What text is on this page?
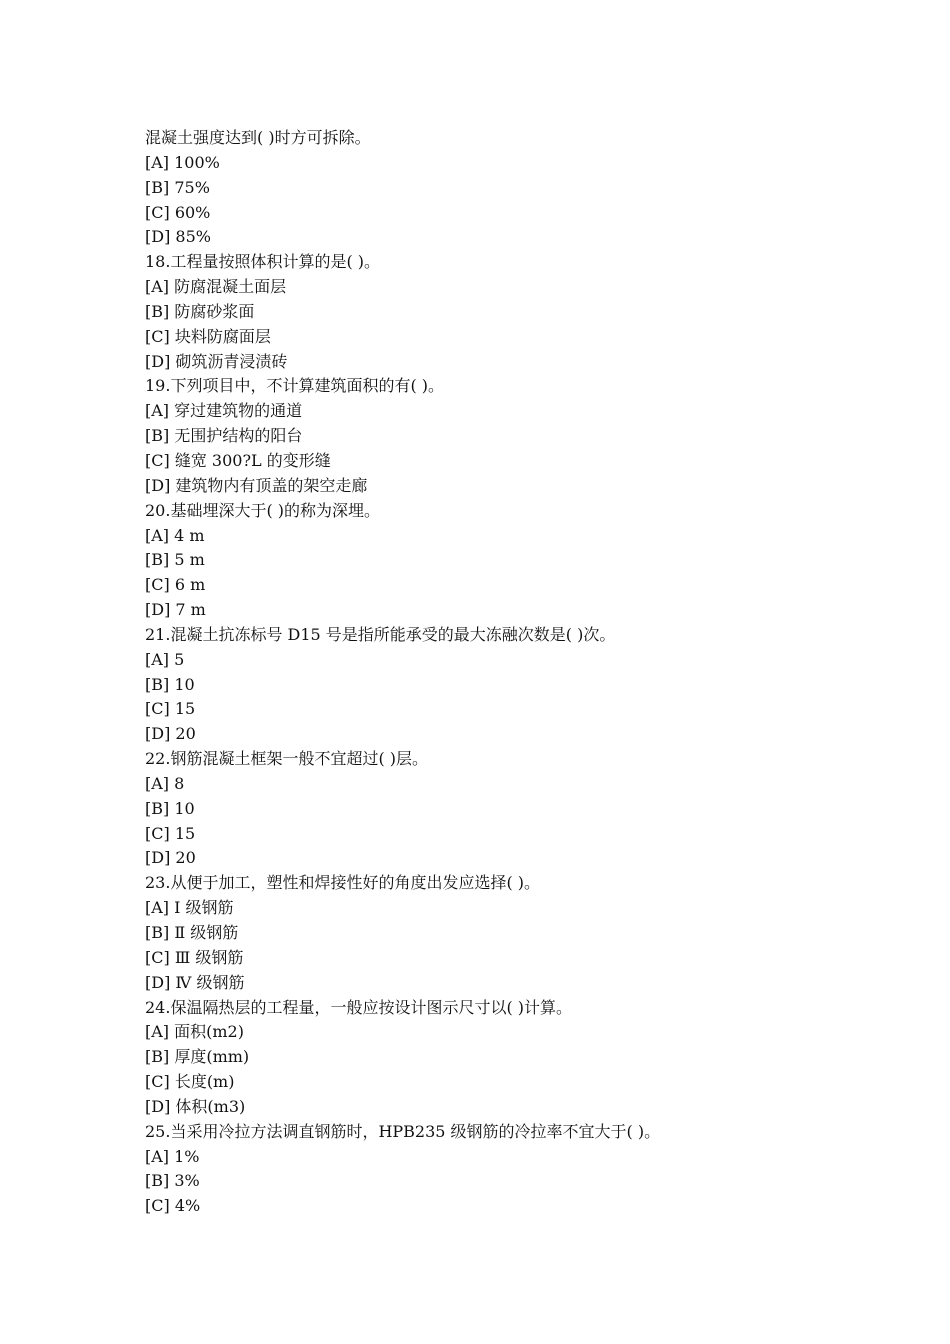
混凝土强度达到( )时方可拆除。
[A] 100%
[B] 75%
[C] 60%
[D] 85%
18.工程量按照体积计算的是( )。
[A] 防腐混凝土面层
[B] 防腐砂浆面
[C] 块料防腐面层
[D] 砌筑沥青浸渍砖
19.下列项目中，不计算建筑面积的有( )。
[A] 穿过建筑物的通道
[B] 无围护结构的阳台
[C] 缝宽 300?L 的变形缝
[D] 建筑物内有顶盖的架空走廊
20.基础埋深大于( )的称为深埋。
[A] 4 m
[B] 5 m
[C] 6 m
[D] 7 m
21.混凝土抗冻标号 D15 号是指所能承受的最大冻融次数是( )次。
[A] 5
[B] 10
[C] 15
[D] 20
22.钢筋混凝土框架一般不宜超过( )层。
[A] 8
[B] 10
[C] 15
[D] 20
23.从便于加工，塑性和焊接性好的角度出发应选择( )。
[A] Ⅰ 级钢筋
[B] Ⅱ 级钢筋
[C] Ⅲ 级钢筋
[D] Ⅳ 级钢筋
24.保温隔热层的工程量，一般应按设计图示尺寸以( )计算。
[A] 面积(m2)
[B] 厚度(mm)
[C] 长度(m)
[D] 体积(m3)
25.当采用冷拉方法调直钢筋时，HPB235 级钢筋的冷拉率不宜大于( )。
[A] 1%
[B] 3%
[C] 4%
